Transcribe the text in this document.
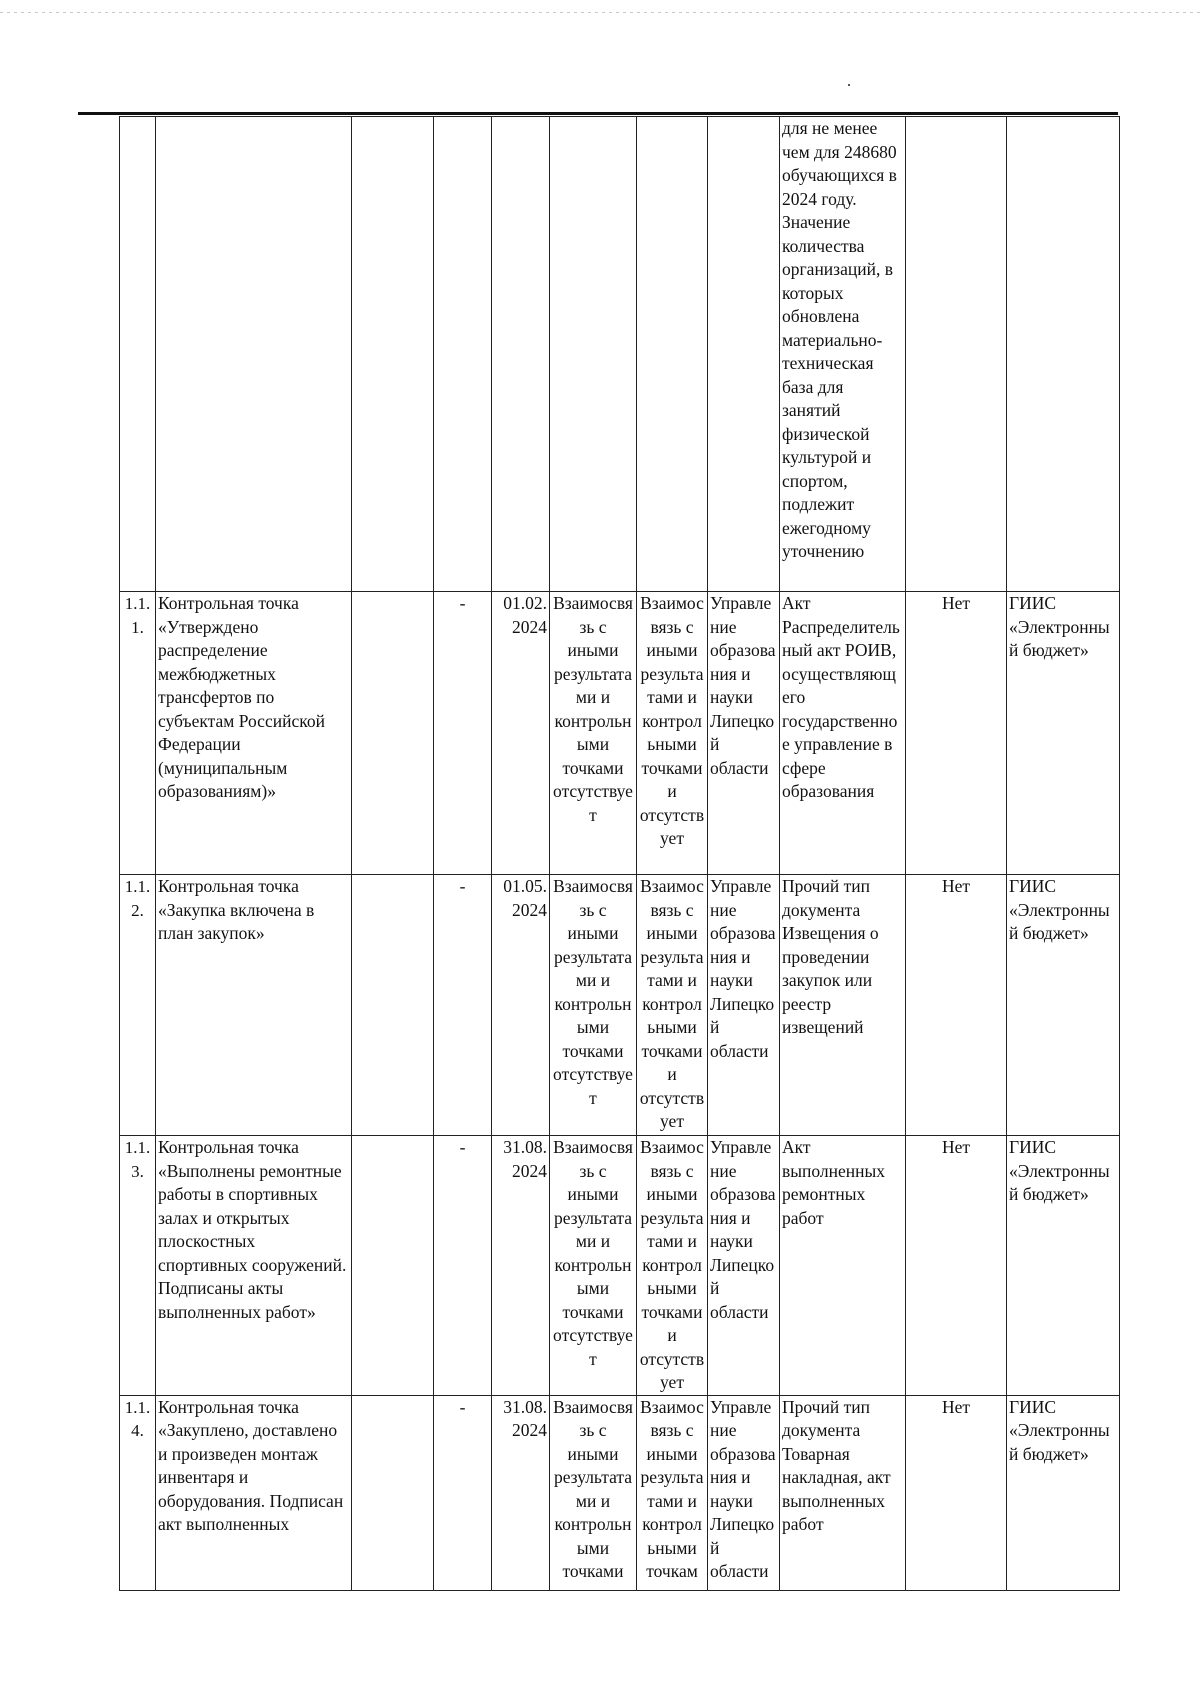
								для не менее чем для 248680 обучающихся в 2024 году. Значение количества организаций, в которых обновлена материально-техническая база для занятий физической культурой и спортом, подлежит ежегодному уточнению		
1.1.1.	Контрольная точка «Утверждено распределение межбюджетных трансфертов по субъектам Российской Федерации (муниципальным образованиям)»		-	01.02. 2024	Взаимосвязь с иными результатами и контрольными точками отсутствует	Взаимосвязь с иными результатами и контрольными точками и отсутствует	Управление образования и науки Липецкой области	Акт Распределительный акт РОИВ, осуществляющего государственное управление в сфере образования	Нет	ГИИС «Электронный бюджет»
1.1.2.	Контрольная точка «Закупка включена в план закупок»		-	01.05. 2024	Взаимосвязь с иными результатами и контрольными точками отсутствует	Взаимосвязь с иными результатами и контрольными точками и отсутствует	Управление образования и науки Липецкой области	Прочий тип документа Извещения о проведении закупок или реестр извещений	Нет	ГИИС «Электронный бюджет»
1.1.3.	Контрольная точка «Выполнены ремонтные работы в спортивных залах и открытых плоскостных спортивных сооружений. Подписаны акты выполненных работ»		-	31.08. 2024	Взаимосвязь с иными результатами и контрольными точками отсутствует	Взаимосвязь с иными результатами и контрольными точками и отсутствует	Управление образования и науки Липецкой области	Акт выполненных ремонтных работ	Нет	ГИИС «Электронный бюджет»
1.1.4.	Контрольная точка «Закуплено, доставлено и произведен монтаж инвентаря и оборудования. Подписан акт выполненных		-	31.08. 2024	Взаимосвязь с иными результатами и контрольными точками	Взаимосвязь с иными результатами и контрольными точкам	Управление образования и науки Липецкой области	Прочий тип документа Товарная накладная, акт выполненных работ	Нет	ГИИС «Электронный бюджет»
